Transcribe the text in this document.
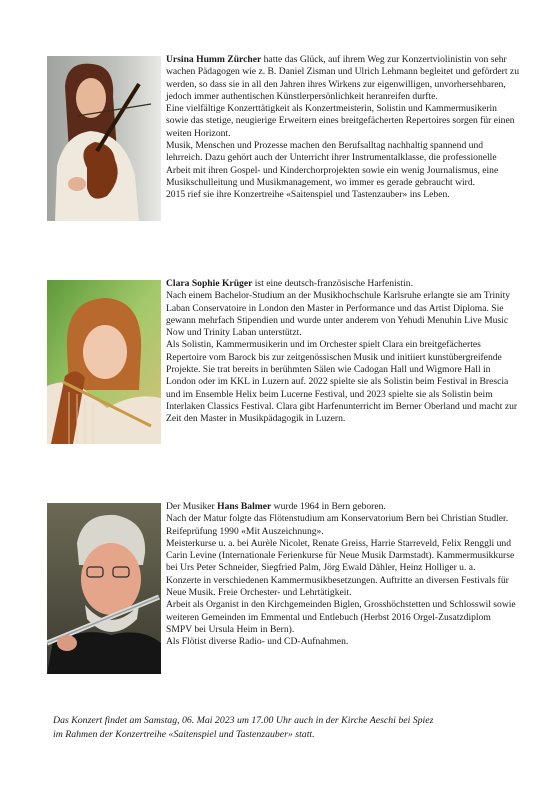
Ursina Humm Zürcher hatte das Glück, auf ihrem Weg zur Konzertviolinistin von sehr wachen Pädagogen wie z. B. Daniel Zisman und Ulrich Lehmann begleitet und gefördert zu werden, so dass sie in all den Jahren ihres Wirkens zur eigenwilligen, unvorhersehbaren, jedoch immer authentischen Künstlerpersönlichkeit heranreifen durfte.

Eine vielfältige Konzerttätigkeit als Konzertmeisterin, Solistin und Kammermusikerin sowie das stetige, neugierige Erweitern eines breitgefächerten Repertoires sorgen für einen weiten Horizont.

Musik, Menschen und Prozesse machen den Berufsalltag nachhaltig spannend und lehrreich. Dazu gehört auch der Unterricht ihrer Instrumentalklasse, die professionelle Arbeit mit ihren Gospel- und Kinderchorprojekten sowie ein wenig Journalismus, eine Musikschulleitung und Musikmanagement, wo immer es gerade gebraucht wird.

2015 rief sie ihre Konzertreihe «Saitenspiel und Tastenzauber» ins Leben.

Clara Sophie Krüger ist eine deutsch-französische Harfenistin.

Nach einem Bachelor-Studium an der Musikhochschule Karlsruhe erlangte sie am Trinity Laban Conservatoire in London den Master in Performance und das Artist Diploma. Sie gewann mehrfach Stipendien und wurde unter anderem von Yehudi Menuhin Live Music Now und Trinity Laban unterstützt.

Als Solistin, Kammermusikerin und im Orchester spielt Clara ein breitgefächertes Repertoire vom Barock bis zur zeitgenössischen Musik und initiiert kunstübergreifende Projekte. Sie trat bereits in berühmten Sälen wie Cadogan Hall und Wigmore Hall in London oder im KKL in Luzern auf. 2022 spielte sie als Solistin beim Festival in Brescia und im Ensemble Helix beim Lucerne Festival, und 2023 spielte sie als Solistin beim Interlaken Classics Festival. Clara gibt Harfenunterricht im Berner Oberland und macht zur Zeit den Master in Musikpädagogik in Luzern.

Der Musiker Hans Balmer wurde 1964 in Bern geboren.

Nach der Matur folgte das Flötenstudium am Konservatorium Bern bei Christian Studler. Reifeprüfung 1990 «Mit Auszeichnung».

Meisterkurse u. a. bei Aurèle Nicolet, Renate Greiss, Harrie Starreveld, Felix Renggli und Carin Levine (Internationale Ferienkurse für Neue Musik Darmstadt). Kammermusikkurse bei Urs Peter Schneider, Siegfried Palm, Jörg Ewald Dähler, Heinz Holliger u. a.

Konzerte in verschiedenen Kammermusikbesetzungen. Auftritte an diversen Festivals für Neue Musik. Freie Orchester- und Lehrtätigkeit.

Arbeit als Organist in den Kirchgemeinden Biglen, Grosshöchstetten und Schlosswil sowie weiteren Gemeinden im Emmental und Entlebuch (Herbst 2016 Orgel-Zusatzdiplom SMPV bei Ursula Heim in Bern).

Als Flötist diverse Radio- und CD-Aufnahmen.

Das Konzert findet am Samstag, 06. Mai 2023 um 17.00 Uhr auch in der Kirche Aeschi bei Spiez
im Rahmen der Konzertreihe «Saitenspiel und Tastenzauber» statt.
